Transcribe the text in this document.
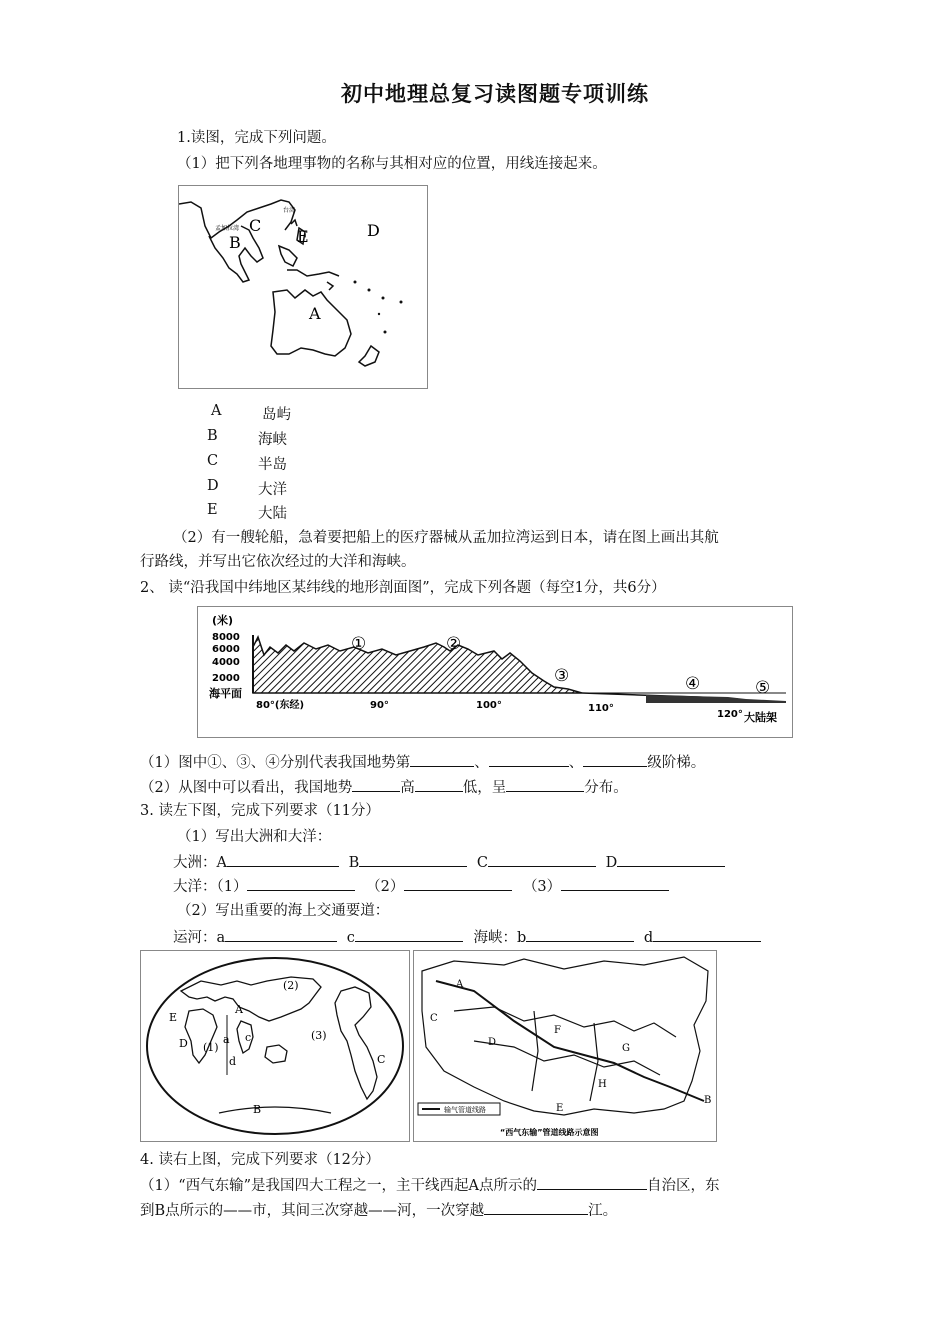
初中地理总复习读图题专项训练
1.读图，完成下列问题。
（1）把下列各地理事物的名称与其相对应的位置，用线连接起来。
A
B
C	D
E
孟加拉湾
台湾
A	岛屿
B	海峡
C	半岛
D	大洋
E	大陆
（2）有一艘轮船，急着要把船上的医疗器械从孟加拉湾运到日本，请在图上画出其航
行路线，并写出它依次经过的大洋和海峡。
2、 读“沿我国中纬地区某纬线的地形剖面图”，完成下列各题（每空1分，共6分）
(米)
8000
6000
4000
2000
海平面
80°(东经)	90°	100°	110°
120° 大陆架
①	②
③	④	⑤
（1）图中①、③、④分别代表我国地势第	、	、	级阶梯。
（2）从图中可以看出，我国地势	高	低，呈	分布。
3. 读左下图，完成下列要求（11分）
（1）写出大洲和大洋：
大洲：A	B	C	D
大洋：（1）	（2）	（3）
（2）写出重要的海上交通要道：
运河：a	c	海峡：b	d
A
B
C
D
E
(1)
(2)
(3)
a c
d
A
B
C
D
E
F
G
H
输气管道线路
“西气东输”管道线路示意图
4. 读右上图，完成下列要求（12分）
（1）“西气东输”是我国四大工程之一，主干线西起A点所示的	自治区，东
到B点所示的——市，其间三次穿越——河，一次穿越	江。
